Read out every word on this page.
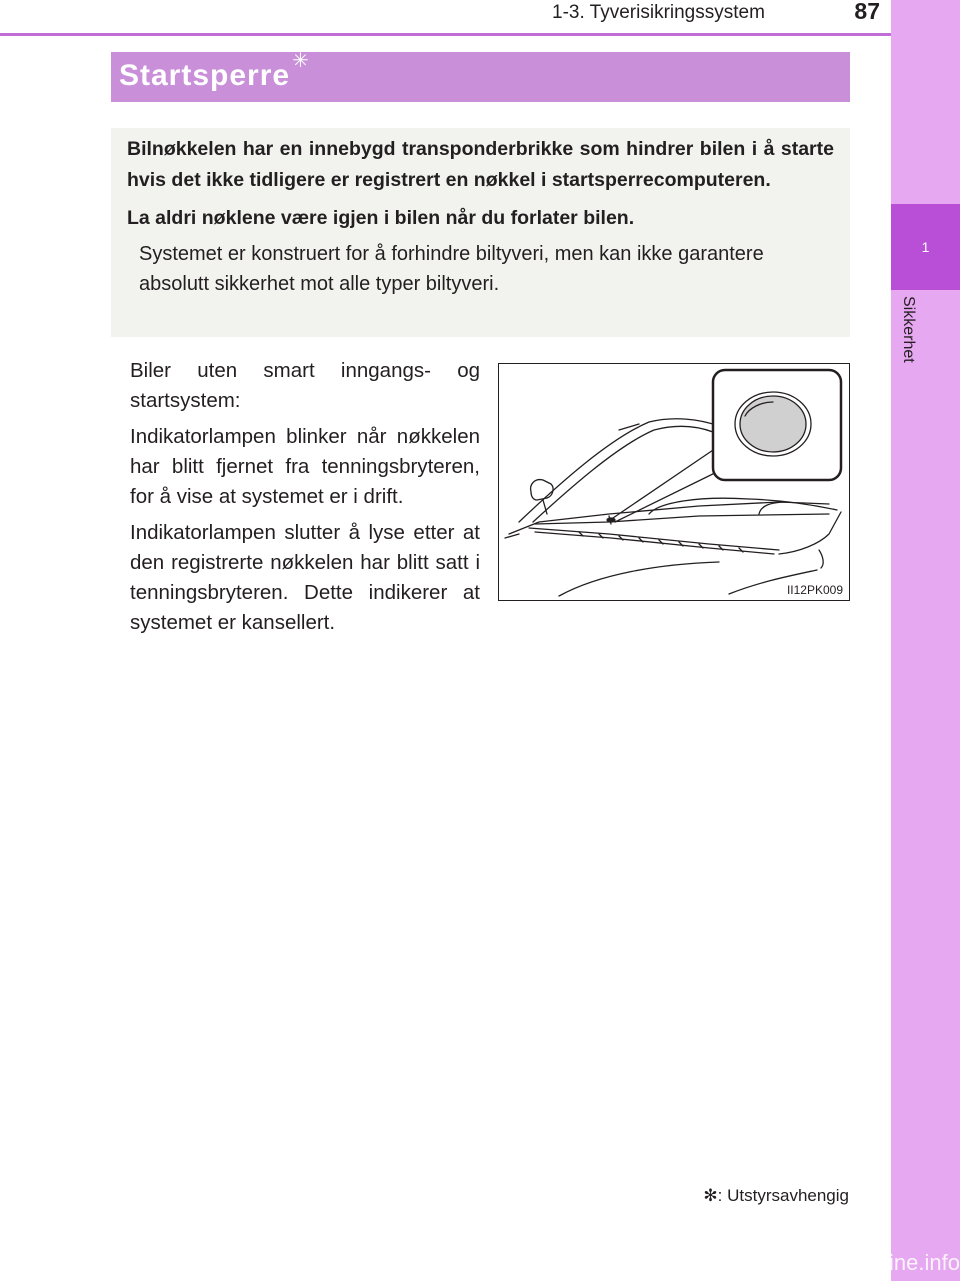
1
Sikkerhet
1-3. Tyverisikringssystem	87
Startsperre ✳

Bilnøkkelen har en innebygd transponderbrikke som hindrer bilen i å starte hvis det ikke tidligere er registrert en nøkkel i startsperrecomputeren.

La aldri nøklene være igjen i bilen når du forlater bilen.

Systemet er konstruert for å forhindre biltyveri, men kan ikke garantere absolutt sikkerhet mot alle typer biltyveri.

Biler uten smart inngangs- og startsystem:

Indikatorlampen blinker når nøkkelen har blitt fjernet fra tenningsbryteren, for å vise at systemet er i drift.

Indikatorlampen slutter å lyse etter at den registrerte nøkkelen har blitt satt i tenningsbryteren. Dette indikerer at systemet er kansellert.

II12PK009
✻: Utstyrsavhengig
carmanualsonline.info
